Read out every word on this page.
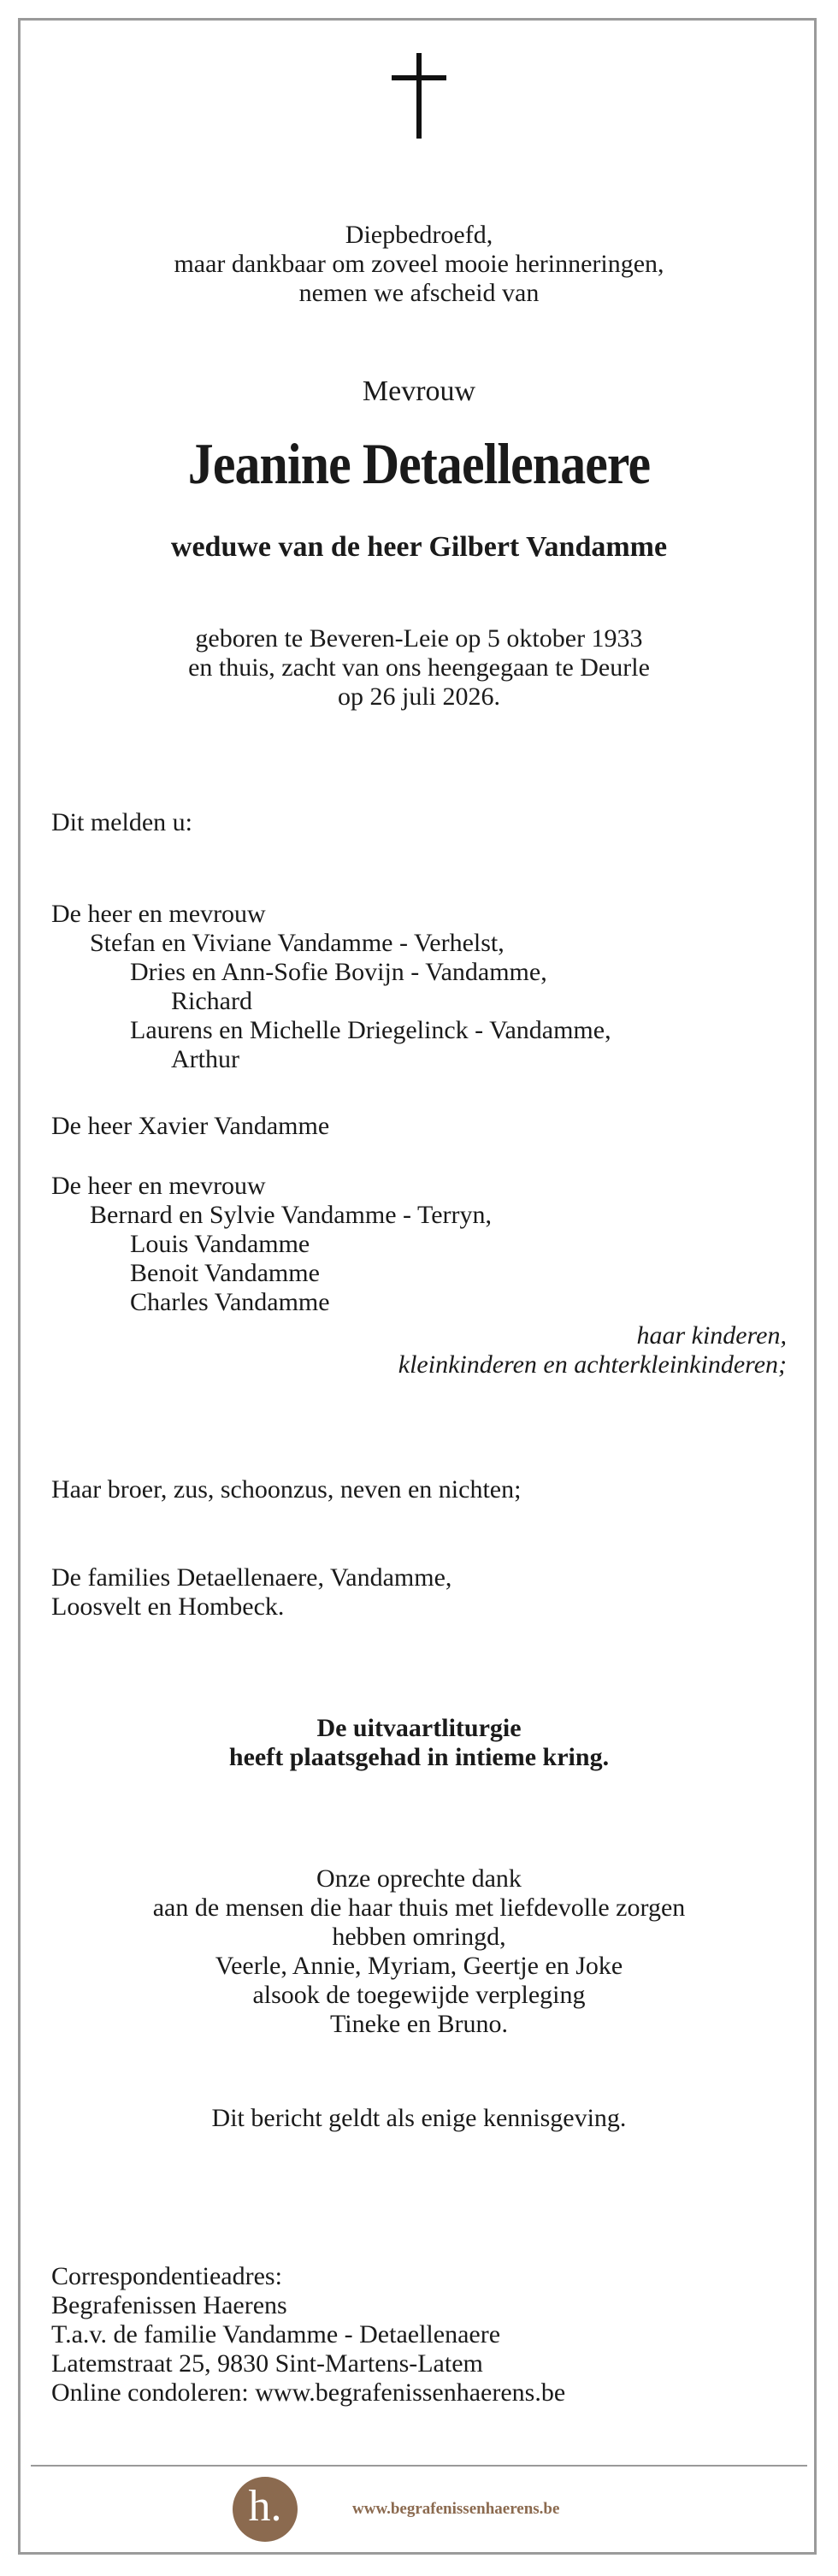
Diepbedroefd,
maar dankbaar om zoveel mooie herinneringen,
nemen we afscheid van
Mevrouw
Jeanine Detaellenaere
weduwe van de heer Gilbert Vandamme
geboren te Beveren-Leie op 5 oktober 1933
en thuis, zacht van ons heengegaan te Deurle
op 26 juli 2026.
Dit melden u:
De heer en mevrouw
Stefan en Viviane Vandamme - Verhelst,
Dries en Ann-Sofie Bovijn - Vandamme,
Richard
Laurens en Michelle Driegelinck - Vandamme,
Arthur
De heer Xavier Vandamme
De heer en mevrouw
Bernard en Sylvie Vandamme - Terryn,
Louis Vandamme
Benoit Vandamme
Charles Vandamme
haar kinderen,
kleinkinderen en achterkleinkinderen;
Haar broer, zus, schoonzus, neven en nichten;
De families Detaellenaere, Vandamme,
Loosvelt en Hombeck.
De uitvaartliturgie
heeft plaatsgehad in intieme kring.
Onze oprechte dank
aan de mensen die haar thuis met liefdevolle zorgen
hebben omringd,
Veerle, Annie, Myriam, Geertje en Joke
alsook de toegewijde verpleging
Tineke en Bruno.
Dit bericht geldt als enige kennisgeving.
Correspondentieadres:
Begrafenissen Haerens
T.a.v. de familie Vandamme - Detaellenaere
Latemstraat 25, 9830 Sint-Martens-Latem
Online condoleren: www.begrafenissenhaerens.be
h.	www.begrafenissenhaerens.be
